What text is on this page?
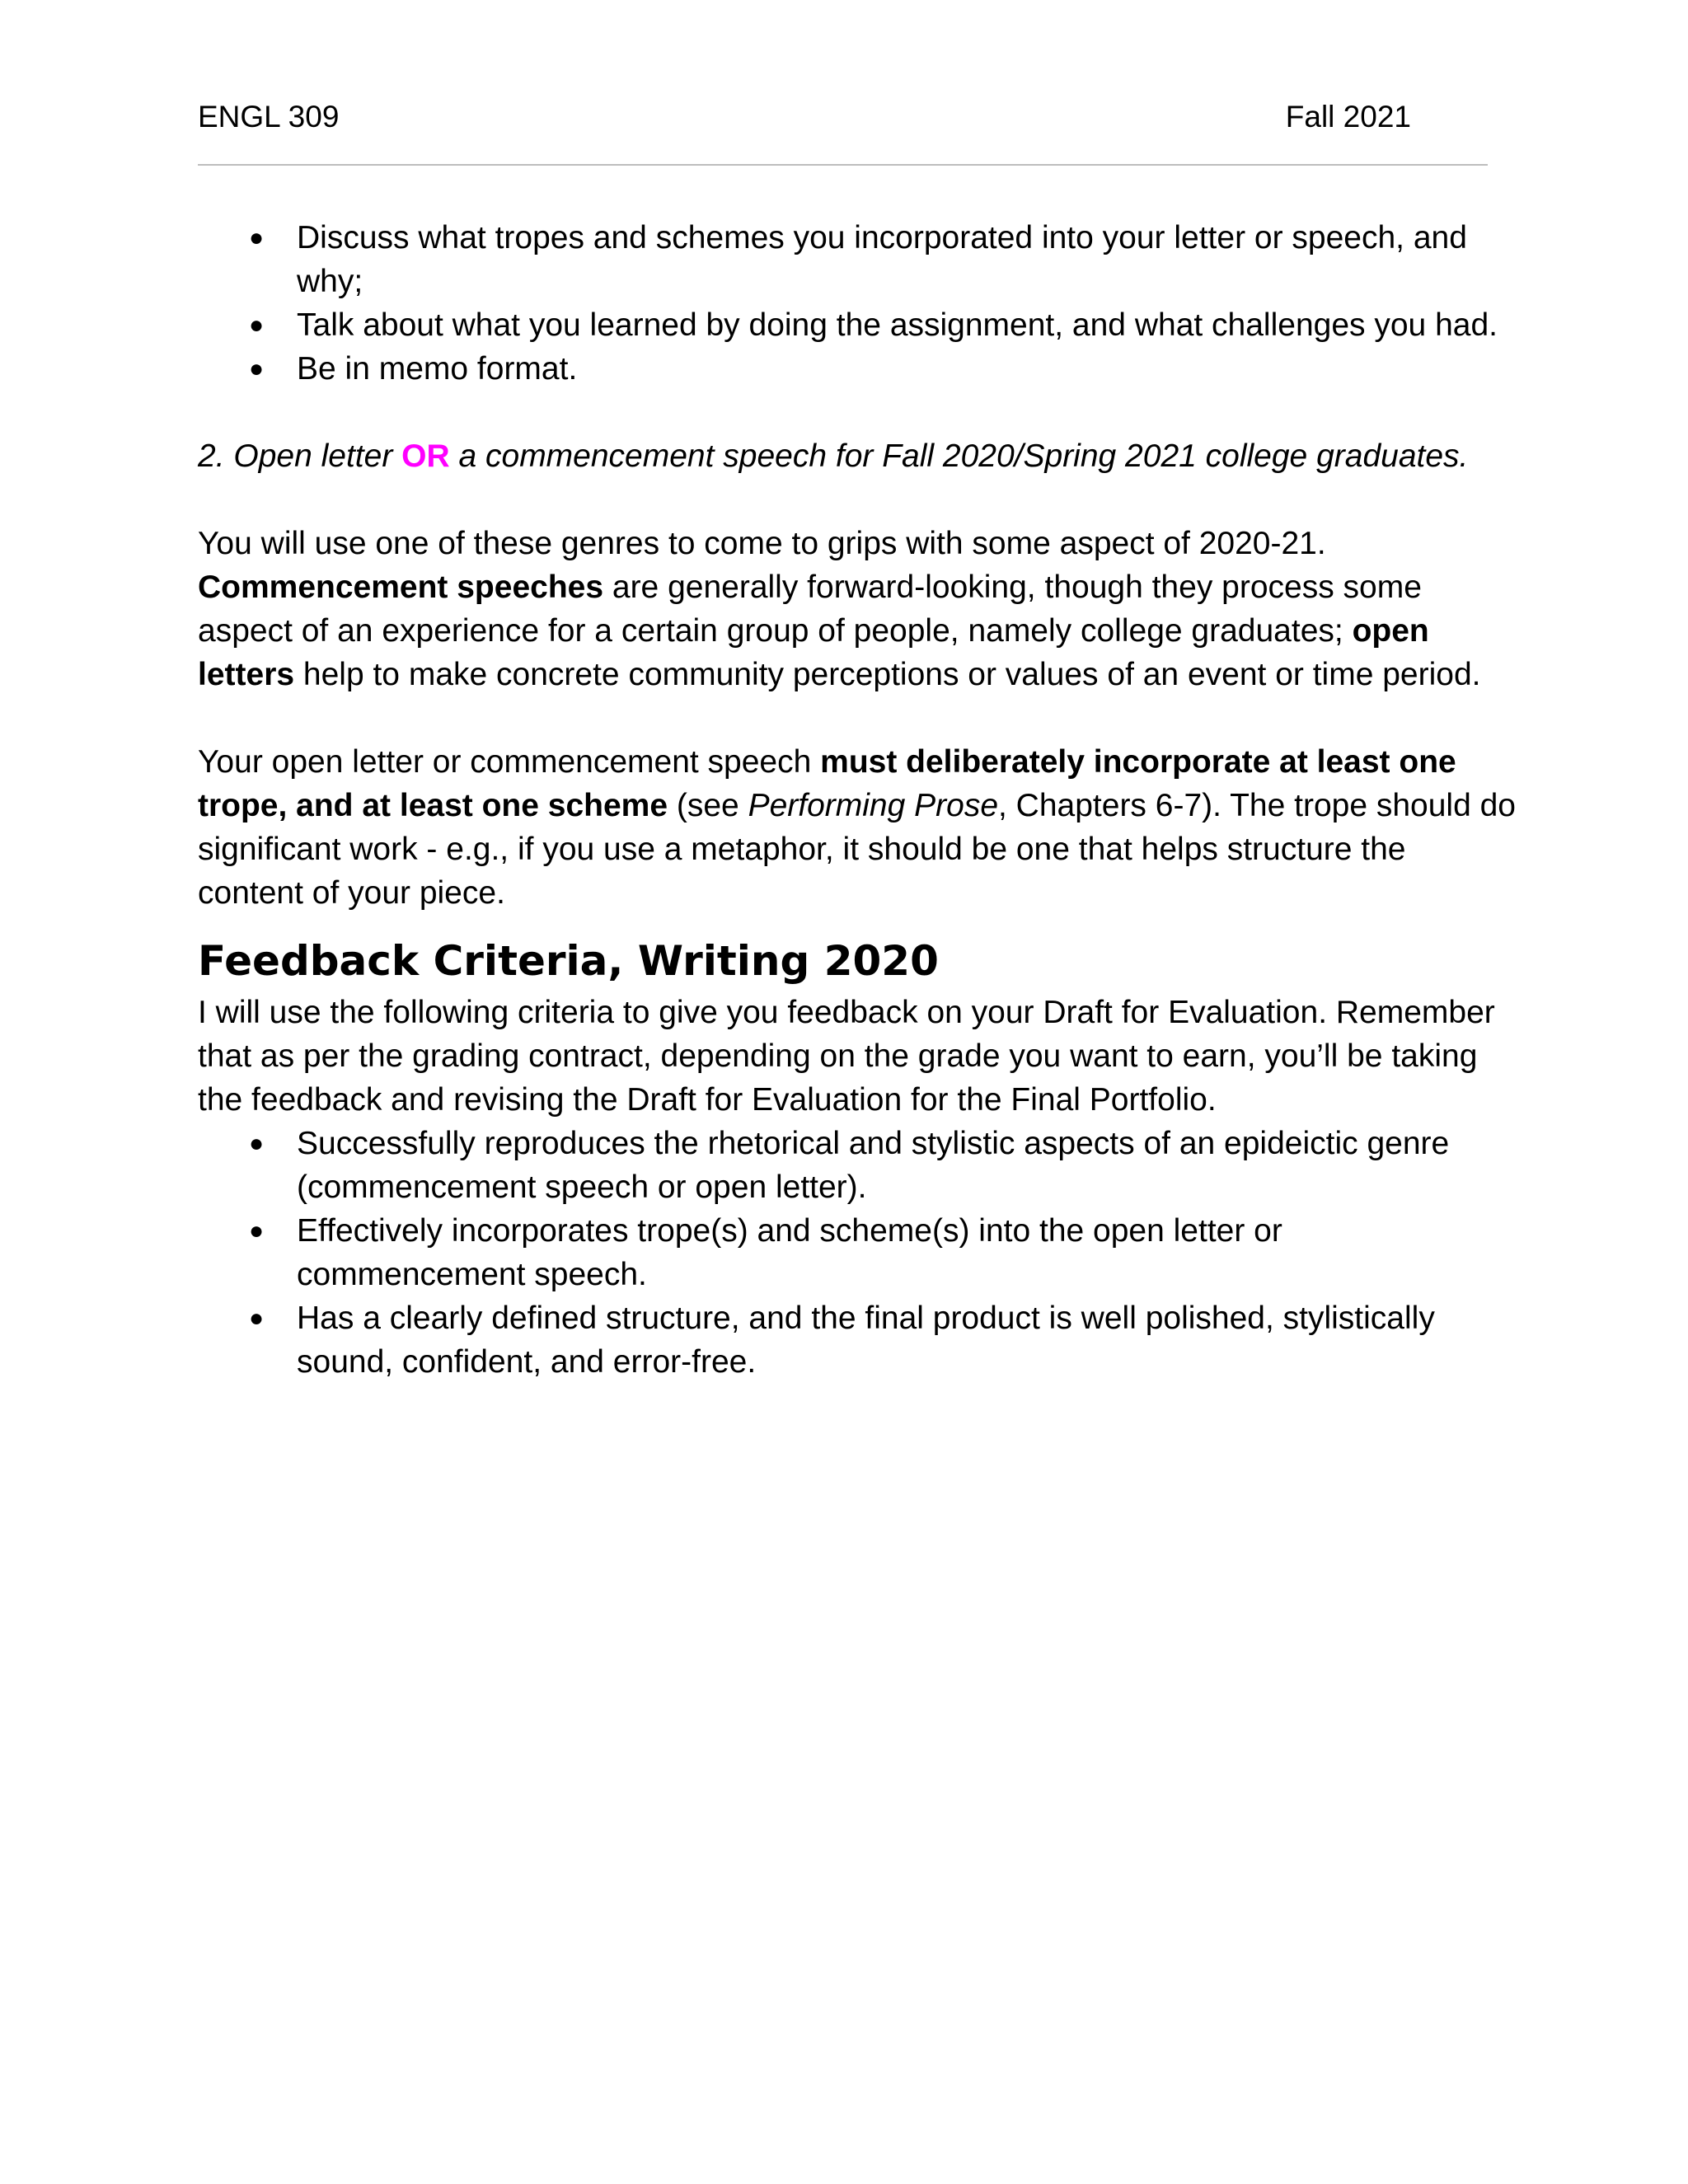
ENGL 309	Fall 2021
● Discuss what tropes and schemes you incorporated into your letter or speech, and why;
● Talk about what you learned by doing the assignment, and what challenges you had.
● Be in memo format.

2. Open letter OR a commencement speech for Fall 2020/Spring 2021 college graduates.

You will use one of these genres to come to grips with some aspect of 2020-21. Commencement speeches are generally forward-looking, though they process some aspect of an experience for a certain group of people, namely college graduates; open letters help to make concrete community perceptions or values of an event or time period.

Your open letter or commencement speech must deliberately incorporate at least one trope, and at least one scheme (see Performing Prose, Chapters 6-7). The trope should do significant work - e.g., if you use a metaphor, it should be one that helps structure the content of your piece.

Feedback Criteria, Writing 2020

I will use the following criteria to give you feedback on your Draft for Evaluation. Remember that as per the grading contract, depending on the grade you want to earn, you’ll be taking the feedback and revising the Draft for Evaluation for the Final Portfolio.

● Successfully reproduces the rhetorical and stylistic aspects of an epideictic genre (commencement speech or open letter).
● Effectively incorporates trope(s) and scheme(s) into the open letter or commencement speech.
● Has a clearly defined structure, and the final product is well polished, stylistically sound, confident, and error-free.
